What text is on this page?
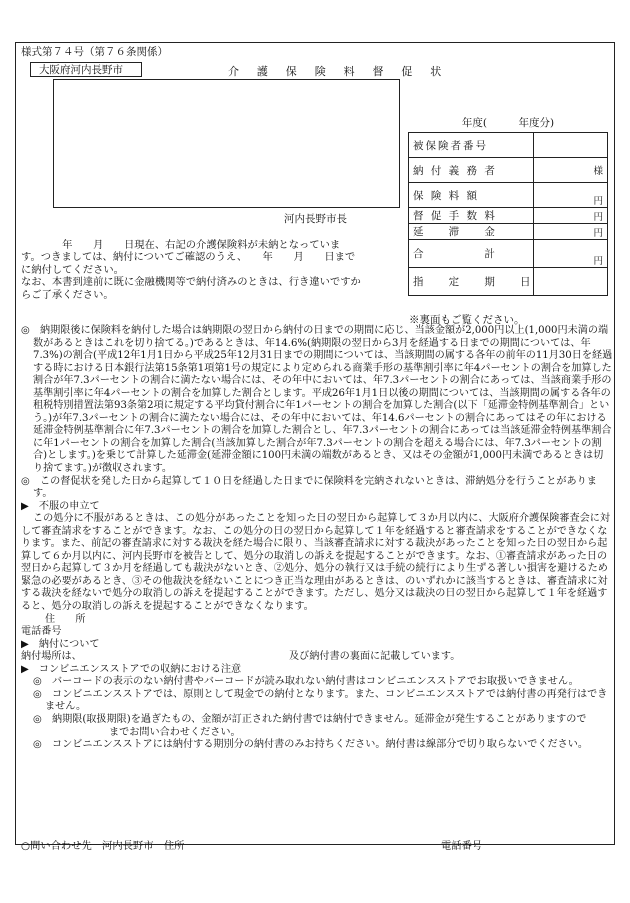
様式第７４号（第７６条関係）
大阪府河内長野市	介 護 保 険 料 督 促 状
河内長野市長
年度(　　　年度分)
被保険者番号	
納 付 義 務 者	様
保 険 料 額	円
督 促 手 数 料	円
延 　 滞 　 金	円
合 　 　 　 計	円
指 　 定 　 期 　 日	
　　　　年　　月　　日現在、右記の介護保険料が未納となっていま
す。つきましては、納付についてご確認のうえ、　　年　　月　　日まで
に納付してください。
なお、本書到達前に既に金融機関等で納付済みのときは、行き違いですか
らご了承ください。
※裏面もご覧ください。

◎　納期限後に保険料を納付した場合は納期限の翌日から納付の日までの期間に応じ、当該金額が2,000円以上(1,000円未満の端数があるときはこれを切り捨てる。)であるときは、年14.6%(納期限の翌日から3月を経過する日までの期間については、年7.3%)の割合(平成12年1月1日から平成25年12月31日までの期間については、当該期間の属する各年の前年の11月30日を経過する時における日本銀行法第15条第1項第1号の規定により定められる商業手形の基準割引率に年4パーセントの割合を加算した割合が年7.3パーセントの割合に満たない場合には、その年中においては、年7.3パーセントの割合にあっては、当該商業手形の基準割引率に年4パーセントの割合を加算した割合とします。平成26年1月1日以後の期間については、当該期間の属する各年の租税特別措置法第93条第2項に規定する平均貸付割合に年1パーセントの割合を加算した割合(以下「延滞金特例基準割合」という。)が年7.3パーセントの割合に満たない場合には、その年中においては、年14.6パーセントの割合にあってはその年における延滞金特例基準割合に年7.3パーセントの割合を加算した割合とし、年7.3パーセントの割合にあっては当該延滞金特例基準割合に年1パーセントの割合を加算した割合(当該加算した割合が年7.3パーセントの割合を超える場合には、年7.3パーセントの割合)とします。)を乗じて計算した延滞金(延滞金額に100円未満の端数があるとき、又はその金額が1,000円未満であるときは切り捨てます。)が徴収されます。

◎　この督促状を発した日から起算して１０日を経過した日までに保険料を完納されないときは、滞納処分を行うことがあります。

▶　不服の申立て

この処分に不服があるときは、この処分があったことを知った日の翌日から起算して３か月以内に、大阪府介護保険審査会に対して審査請求をすることができます。なお、この処分の日の翌日から起算して１年を経過すると審査請求をすることができなくなります。また、前記の審査請求に対する裁決を経た場合に限り、当該審査請求に対する裁決があったことを知った日の翌日から起算して６か月以内に、河内長野市を被告として、処分の取消しの訴えを提起することができます。なお、①審査請求があった日の翌日から起算して３か月を経過しても裁決がないとき、②処分、処分の執行又は手続の続行により生ずる著しい損害を避けるため緊急の必要があるとき、③その他裁決を経ないことにつき正当な理由があるときは、のいずれかに該当するときは、審査請求に対する裁決を経ないで処分の取消しの訴えを提起することができます。ただし、処分又は裁決の日の翌日から起算して１年を経過すると、処分の取消しの訴えを提起することができなくなります。

住　　所

電話番号

▶　納付について

納付場所は、	及び納付書の裏面に記載しています。

▶　コンビニエンスストアでの収納における注意

◎　バーコードの表示のない納付書やバーコードが読み取れない納付書はコンビニエンスストアでお取扱いできません。

◎　コンビニエンスストアでは、原則として現金での納付となります。また、コンビニエンスストアでは納付書の再発行はできません。

◎　納期限(取扱期限)を過ぎたもの、金額が訂正された納付書では納付できません。延滞金が発生することがありますのでまでお問い合わせください。

◎　コンビニエンスストアには納付する期別分の納付書のみお持ちください。納付書は線部分で切り取らないでください。

○問い合わせ先　河内長野市　住所	電話番号
